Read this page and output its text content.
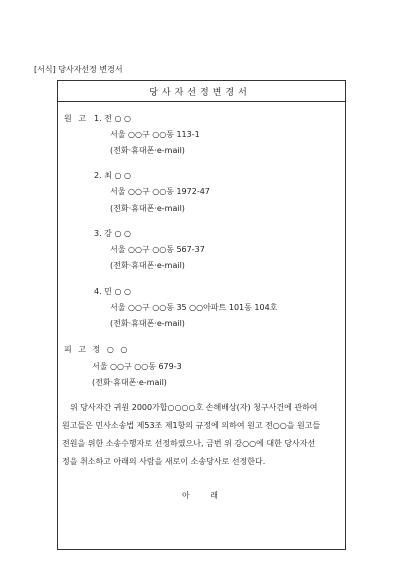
[서식] 당사자선정 변경서
당사자선정변경서
원 고 1. 전 ○ ○
서울 ○○구 ○○동 113-1
(전화·휴대폰·e-mail)
2. 최 ○ ○
서울 ○○구 ○○동 1972-47
(전화·휴대폰·e-mail)
3. 강 ○ ○
서울 ○○구 ○○동 567-37
(전화·휴대폰·e-mail)
4. 민 ○ ○
서울 ○○구 ○○동 35 ○○아파트 101동 104호
(전화·휴대폰·e-mail)
피 고 정 ○ ○
서울 ○○구 ○○동 679-3
(전화·휴대폰·e-mail)
위 당사자간 귀원 2000가합○○○○호 손해배상(자) 청구사건에 관하여
원고들은 민사소송법 제53조 제1항의 규정에 의하여 원고 전○○을 원고들
전원을 위한 소송수행자로 선정하였으나, 금번 위 강○○에 대한 당사자선
정을 취소하고 아래의 사람을 새로이 소송당사로 선정한다.
아 래
